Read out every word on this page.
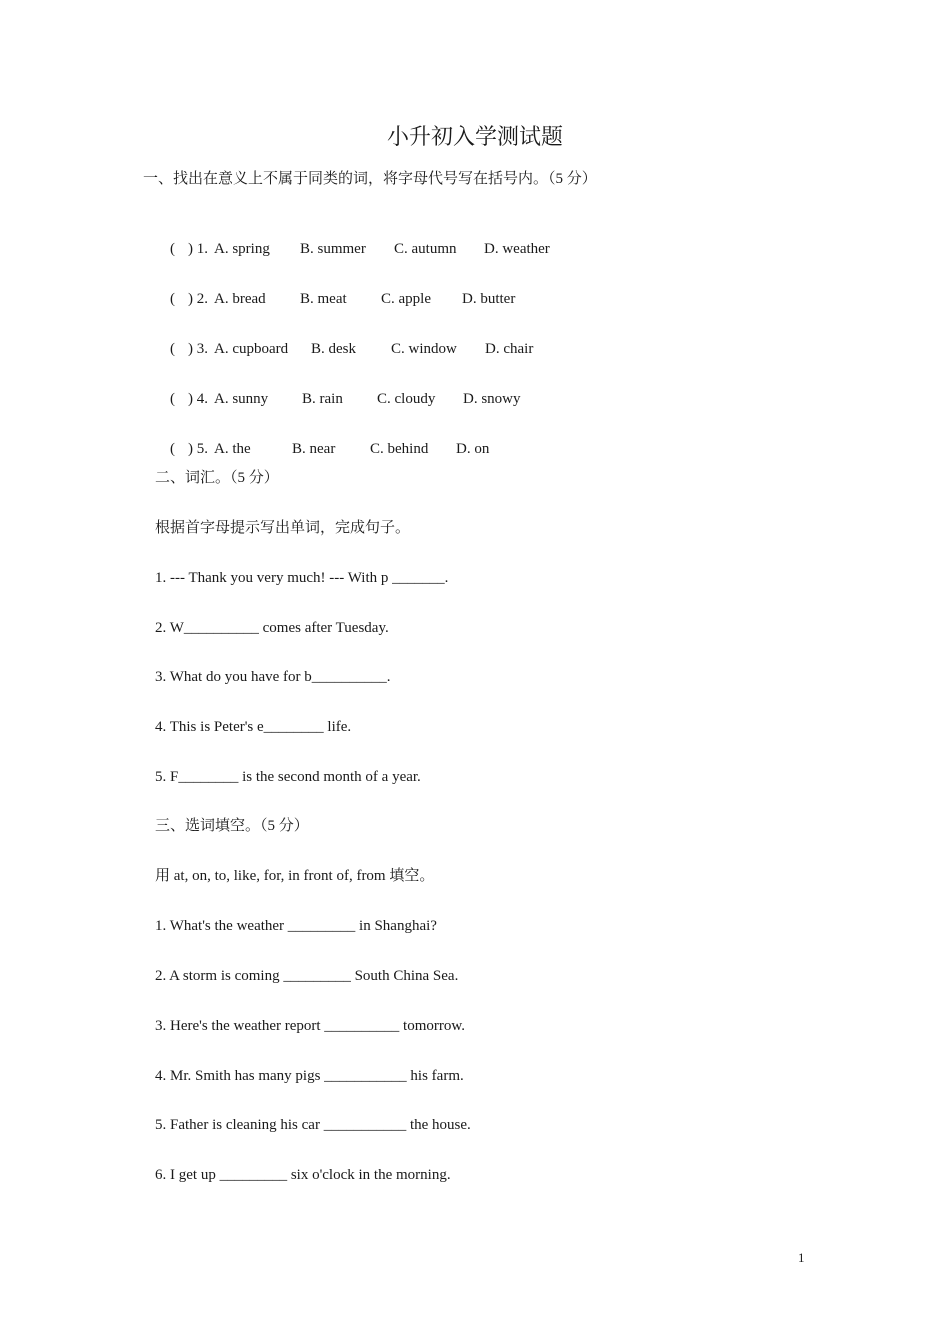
小升初入学测试题
一、找出在意义上不属于同类的词，将字母代号写在括号内。（5 分）

( ) 1. A. spring B. summer C. autumn D. weather

( ) 2. A. bread B. meat C. apple D. butter

( ) 3. A. cupboard B. desk C. window D. chair

( ) 4. A. sunny B. rain C. cloudy D. snowy

( ) 5. A. the	B. near C. behind D. on

二、词汇。（5 分）
根据首字母提示写出单词，完成句子。
1. --- Thank you very much! --- With p _______.
2. W__________ comes after Tuesday.
3. What do you have for b__________.
4. This is Peter's e________ life.
5. F________ is the second month of a year.
三、选词填空。（5 分）
用 at, on, to, like, for, in front of, from 填空。
1. What's the weather _________ in Shanghai?
2. A storm is coming _________ South China Sea.
3. Here's the weather report __________ tomorrow.
4. Mr. Smith has many pigs ___________ his farm.
5. Father is cleaning his car ___________ the house.
6. I get up _________ six o'clock in the morning.
1
